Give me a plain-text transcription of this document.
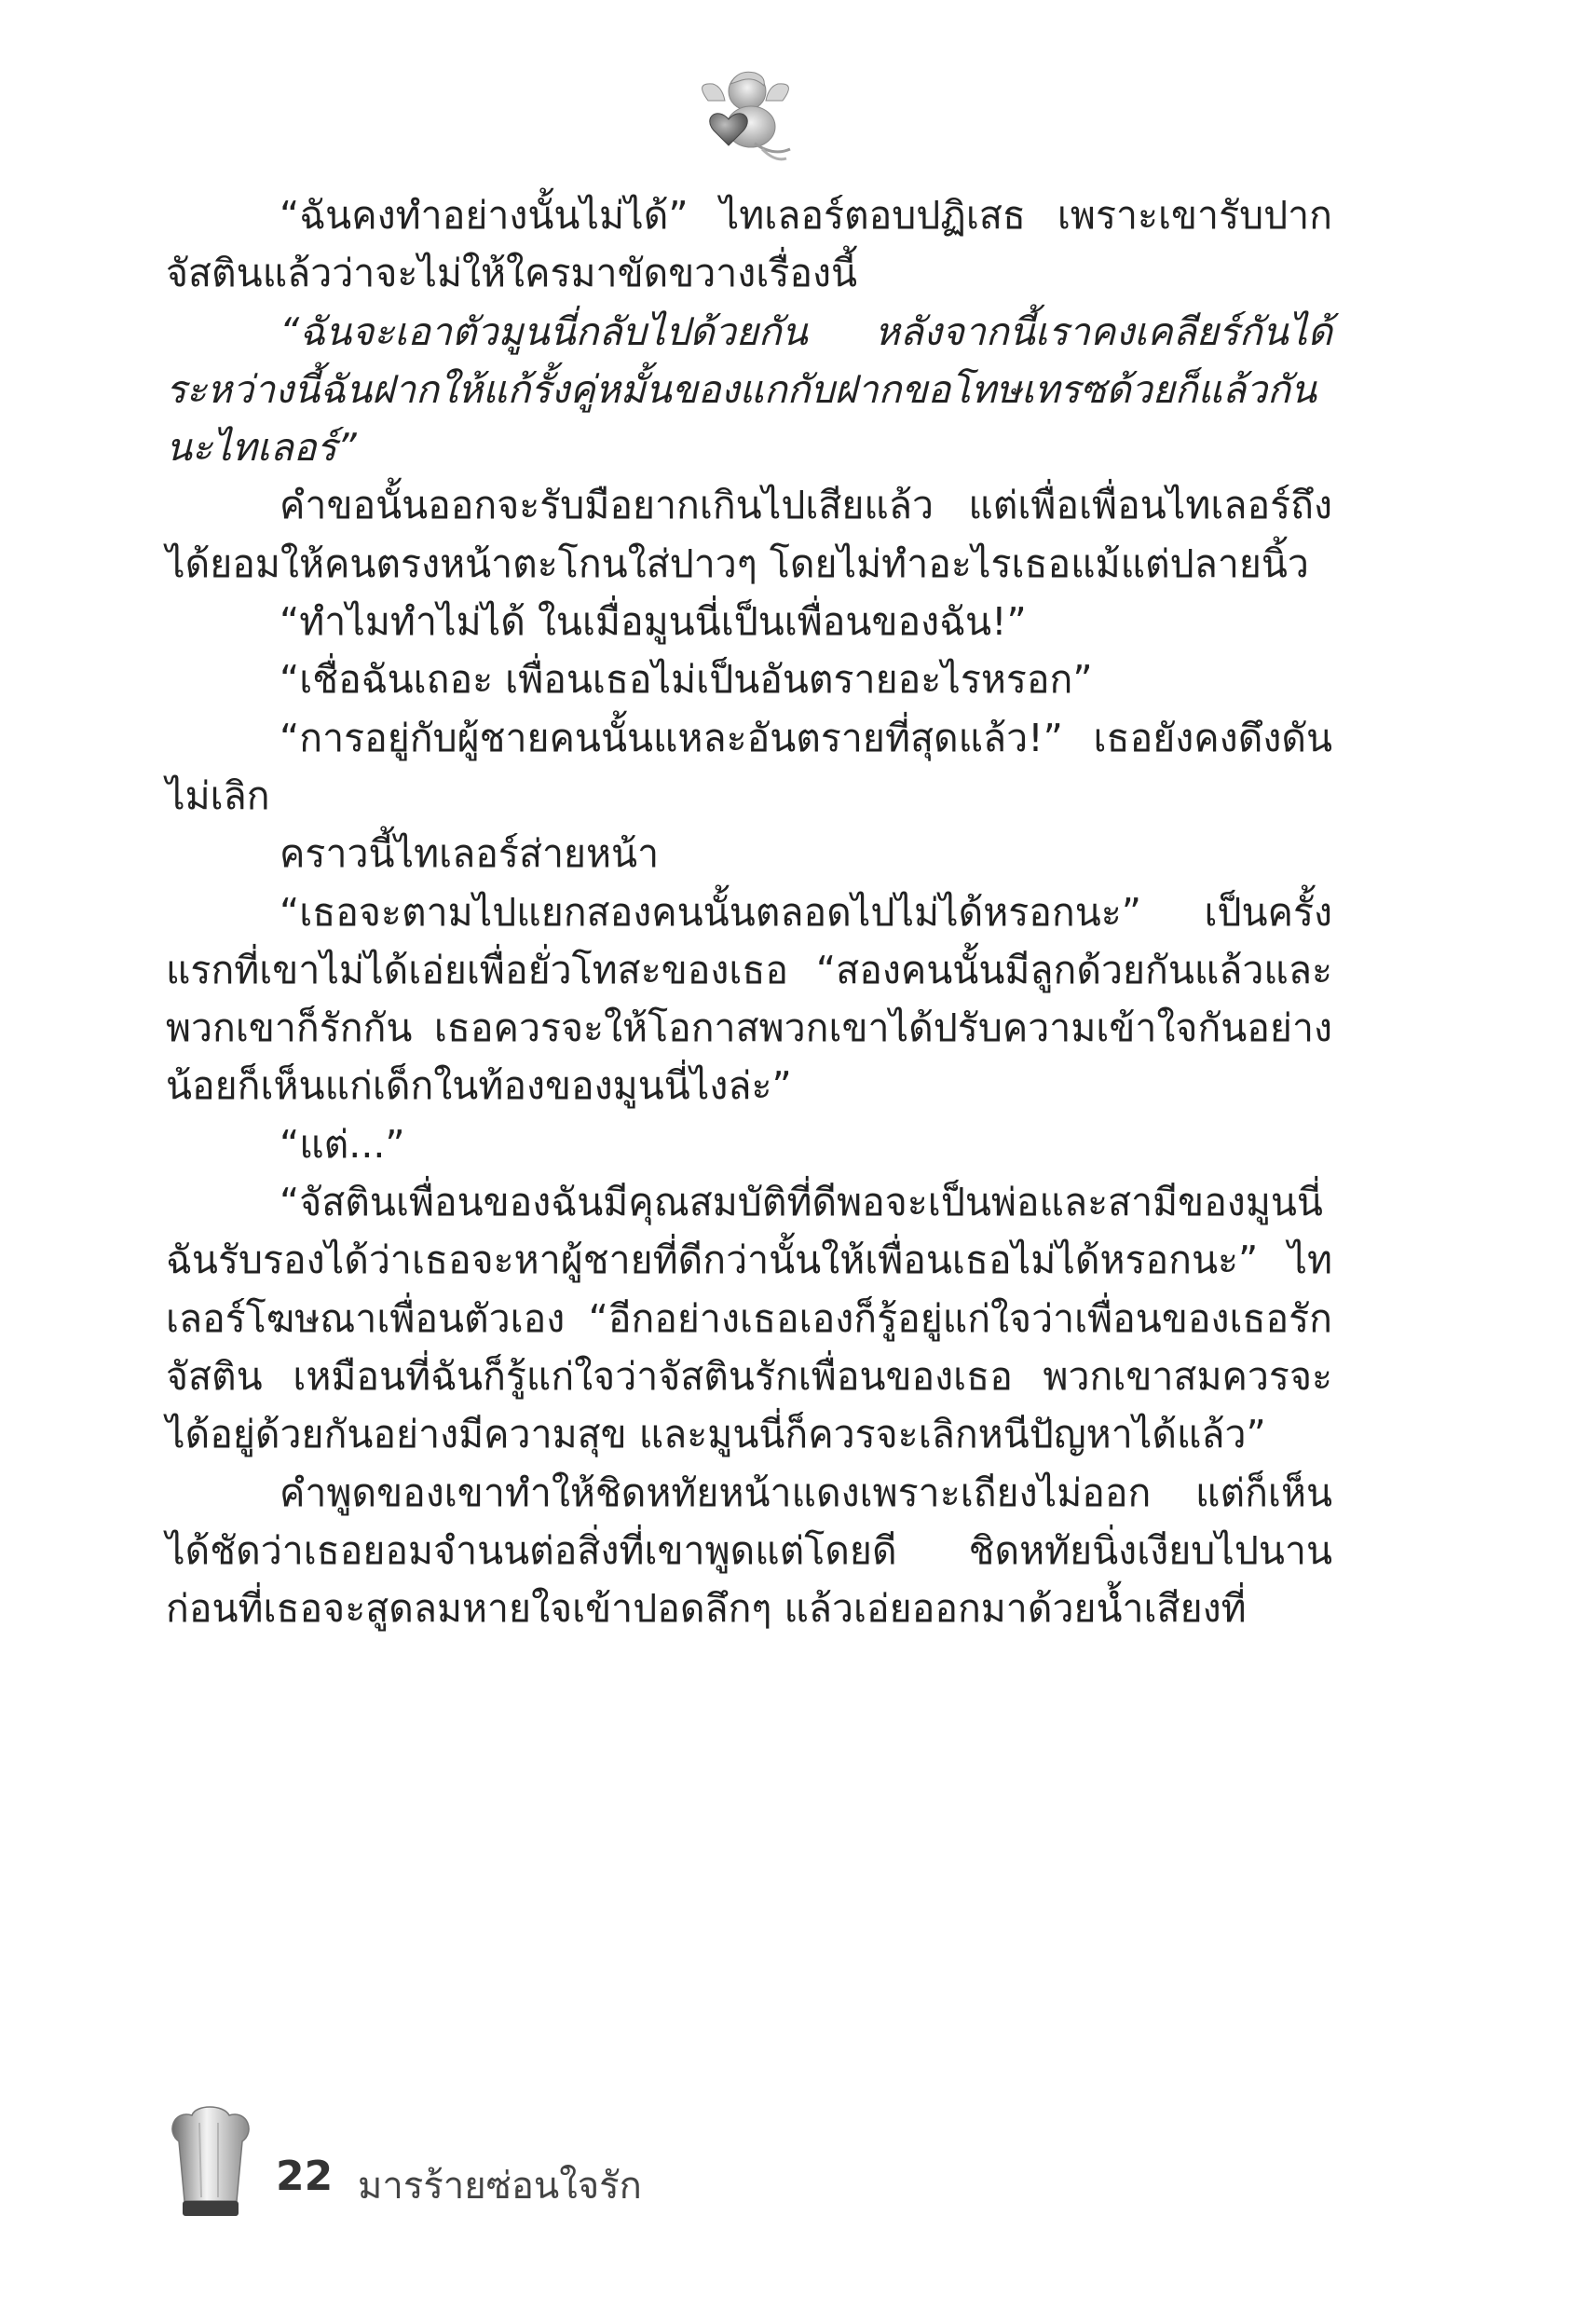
“ฉันคงทำอย่างนั้นไม่ได้” ไทเลอร์ตอบปฏิเสธ เพราะเขารับปากจัสตินแล้วว่าจะไม่ให้ใครมาขัดขวางเรื่องนี้

“ฉันจะเอาตัวมูนนี่กลับไปด้วยกัน หลังจากนี้เราคงเคลียร์กันได้ ระหว่างนี้ฉันฝากให้แก้รั้งคู่หมั้นของแกกับฝากขอโทษเทรซด้วยก็แล้วกันนะไทเลอร์”

คำขอนั้นออกจะรับมือยากเกินไปเสียแล้ว แต่เพื่อเพื่อนไทเลอร์ถึงได้ยอมให้คนตรงหน้าตะโกนใส่ปาวๆ โดยไม่ทำอะไรเธอแม้แต่ปลายนิ้ว

“ทำไมทำไม่ได้ ในเมื่อมูนนี่เป็นเพื่อนของฉัน!”

“เชื่อฉันเถอะ เพื่อนเธอไม่เป็นอันตรายอะไรหรอก”

“การอยู่กับผู้ชายคนนั้นแหละอันตรายที่สุดแล้ว!” เธอยังคงดึงดันไม่เลิก

คราวนี้ไทเลอร์ส่ายหน้า

“เธอจะตามไปแยกสองคนนั้นตลอดไปไม่ได้หรอกนะ” เป็นครั้งแรกที่เขาไม่ได้เอ่ยเพื่อยั่วโทสะของเธอ “สองคนนั้นมีลูกด้วยกันแล้วและพวกเขาก็รักกัน เธอควรจะให้โอกาสพวกเขาได้ปรับความเข้าใจกันอย่างน้อยก็เห็นแก่เด็กในท้องของมูนนี่ไงล่ะ”

“แต่...”

“จัสตินเพื่อนของฉันมีคุณสมบัติที่ดีพอจะเป็นพ่อและสามีของมูนนี่ ฉันรับรองได้ว่าเธอจะหาผู้ชายที่ดีกว่านั้นให้เพื่อนเธอไม่ได้หรอกนะ” ไทเลอร์โฆษณาเพื่อนตัวเอง “อีกอย่างเธอเองก็รู้อยู่แก่ใจว่าเพื่อนของเธอรักจัสติน เหมือนที่ฉันก็รู้แก่ใจว่าจัสตินรักเพื่อนของเธอ พวกเขาสมควรจะได้อยู่ด้วยกันอย่างมีความสุข และมูนนี่ก็ควรจะเลิกหนีปัญหาได้แล้ว”

คำพูดของเขาทำให้ชิดหทัยหน้าแดงเพราะเถียงไม่ออก แต่ก็เห็นได้ชัดว่าเธอยอมจำนนต่อสิ่งที่เขาพูดแต่โดยดี ชิดหทัยนิ่งเงียบไปนานก่อนที่เธอจะสูดลมหายใจเข้าปอดลึกๆ แล้วเอ่ยออกมาด้วยน้ำเสียงที่

22 มารร้ายซ่อนใจรัก
